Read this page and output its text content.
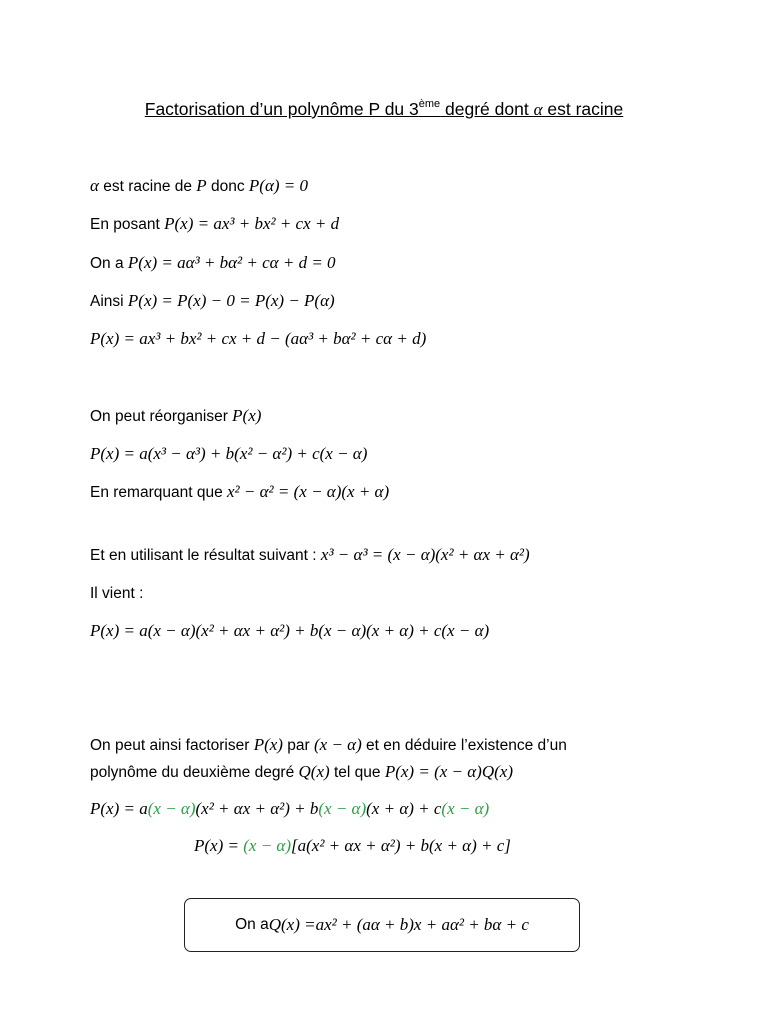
Factorisation d’un polynôme P du 3ème degré dont α est racine
α est racine de P donc P(α) = 0
En posant P(x) = ax³ + bx² + cx + d
On a P(x) = aα³ + bα² + cα + d = 0
Ainsi P(x) = P(x) − 0 = P(x) − P(α)
P(x) = ax³ + bx² + cx + d − (aα³ + bα² + cα + d)
On peut réorganiser P(x)
P(x) = a(x³ − α³) + b(x² − α²) + c(x − α)
En remarquant que x² − α² = (x − α)(x + α)
Et en utilisant le résultat suivant : x³ − α³ = (x − α)(x² + αx + α²)
Il vient :
P(x) = a(x − α)(x² + αx + α²) + b(x − α)(x + α) + c(x − α)
On peut ainsi factoriser P(x) par (x − α) et en déduire l’existence d’un
polynôme du deuxième degré Q(x) tel que P(x) = (x − α)Q(x)
P(x) = a(x − α)(x² + αx + α²) + b(x − α)(x + α) + c(x − α)
P(x) = (x − α)[a(x² + αx + α²) + b(x + α) + c]
On a Q(x) = ax² + (aα + b)x + aα² + bα + c
